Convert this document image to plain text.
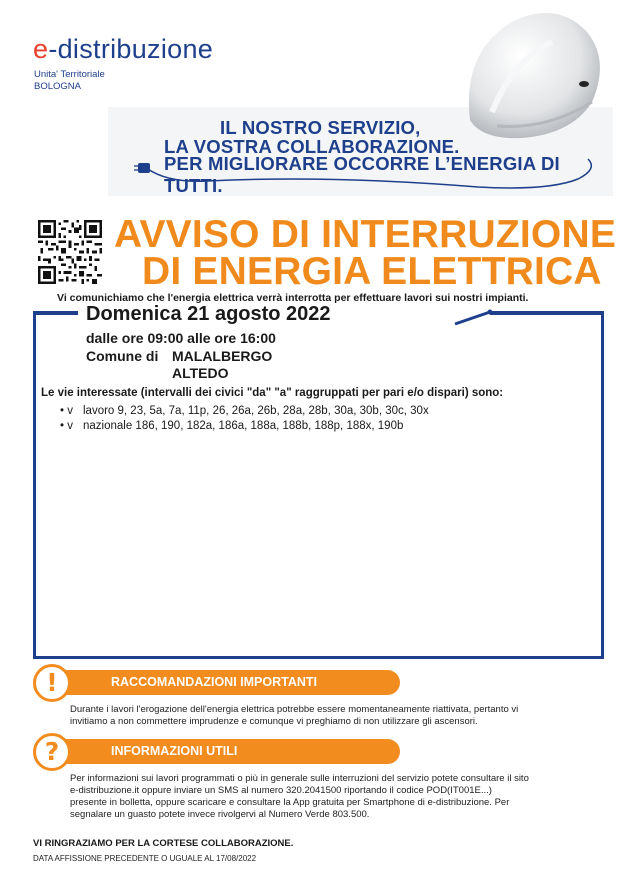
e-distribuzione
Unita' Territoriale
BOLOGNA
IL NOSTRO SERVIZIO,
LA VOSTRA COLLABORAZIONE.
PER MIGLIORARE OCCORRE L’ENERGIA DI TUTTI.
AVVISO DI INTERRUZIONE
DI ENERGIA ELETTRICA
Vi comunichiamo che l'energia elettrica verrà interrotta per effettuare lavori sui nostri impianti.
Domenica 21 agosto 2022
dalle ore 09:00 alle ore 16:00
Comune di MALALBERGO
ALTEDO
Le vie interessate (intervalli dei civici "da" "a" raggruppati per pari e/o dispari) sono:
• v lavoro 9, 23, 5a, 7a, 11p, 26, 26a, 26b, 28a, 28b, 30a, 30b, 30c, 30x
• v nazionale 186, 190, 182a, 186a, 188a, 188b, 188p, 188x, 190b
RACCOMANDAZIONI IMPORTANTI
!
Durante i lavori l'erogazione dell'energia elettrica potrebbe essere momentaneamente riattivata, pertanto vi
invitiamo a non commettere imprudenze e comunque vi preghiamo di non utilizzare gli ascensori.
INFORMAZIONI UTILI
?
Per informazioni sui lavori programmati o più in generale sulle interruzioni del servizio potete consultare il sito
e-distribuzione.it oppure inviare un SMS al numero 320.2041500 riportando il codice POD(IT001E...)
presente in bolletta, oppure scaricare e consultare la App gratuita per Smartphone di e-distribuzione. Per
segnalare un guasto potete invece rivolgervi al Numero Verde 803.500.
VI RINGRAZIAMO PER LA CORTESE COLLABORAZIONE.
DATA AFFISSIONE PRECEDENTE O UGUALE AL 17/08/2022
